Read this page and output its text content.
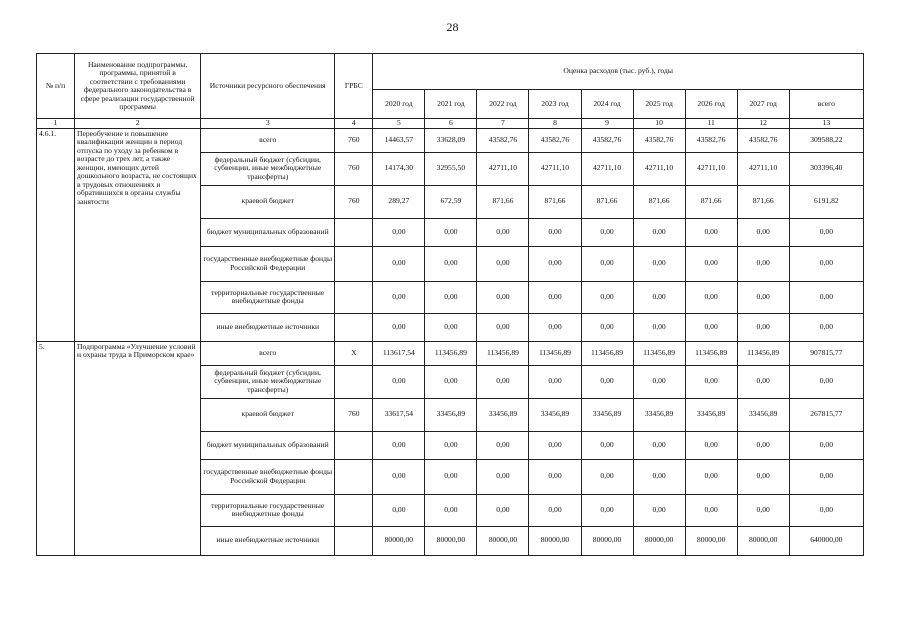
28
№ п/п	Наименование подпрограммы, программы, принятой в соответствии с требованиями федерального законодательства в сфере реализации государственной программы	Источники ресурсного обеспечения	ГРБС	Оценка расходов (тыс. руб.), годы								
				2020 год	2021 год	2022 год	2023 год	2024 год	2025 год	2026 год	2027 год	всего
1	2	3	4	5	6	7	8	9	10	11	12	13
4.6.1.	Переобучение и повышение квалификации женщин в период отпуска по уходу за ребенком в возрасте до трех лет, а также женщин, имеющих детей дошкольного возраста, не состоящих в трудовых отношениях и обратившихся в органы службы занятости	всего	760	14463,57	33628,09	43582,76	43582,76	43582,76	43582,76	43582,76	43582,76	309588,22
		федеральный бюджет (субсидии, субвенции, иные межбюджетные трансферты)	760	14174,30	32955,50	42711,10	42711,10	42711,10	42711,10	42711,10	42711,10	303396,40
		краевой бюджет	760	289,27	672,59	871,66	871,66	871,66	871,66	871,66	871,66	6191,82
		бюджет муниципальных образований		0,00	0,00	0,00	0,00	0,00	0,00	0,00	0,00	0,00
		государственные внебюджетные фонды Российской Федерации		0,00	0,00	0,00	0,00	0,00	0,00	0,00	0,00	0,00
		территориальные государственные внебюджетные фонды		0,00	0,00	0,00	0,00	0,00	0,00	0,00	0,00	0,00
		иные внебюджетные источники		0,00	0,00	0,00	0,00	0,00	0,00	0,00	0,00	0,00
5.	Подпрограмма «Улучшение условий и охраны труда в Приморском крае»	всего	Х	113617,54	113456,89	113456,89	113456,89	113456,89	113456,89	113456,89	113456,89	907815,77
		федеральный бюджет (субсидии, субвенции, иные межбюджетные трансферты)		0,00	0,00	0,00	0,00	0,00	0,00	0,00	0,00	0,00
		краевой бюджет	760	33617,54	33456,89	33456,89	33456,89	33456,89	33456,89	33456,89	33456,89	267815,77
		бюджет муниципальных образований		0,00	0,00	0,00	0,00	0,00	0,00	0,00	0,00	0,00
		государственные внебюджетные фонды Российской Федерации		0,00	0,00	0,00	0,00	0,00	0,00	0,00	0,00	0,00
		территориальные государственные внебюджетные фонды		0,00	0,00	0,00	0,00	0,00	0,00	0,00	0,00	0,00
		иные внебюджетные источники		80000,00	80000,00	80000,00	80000,00	80000,00	80000,00	80000,00	80000,00	640000,00
